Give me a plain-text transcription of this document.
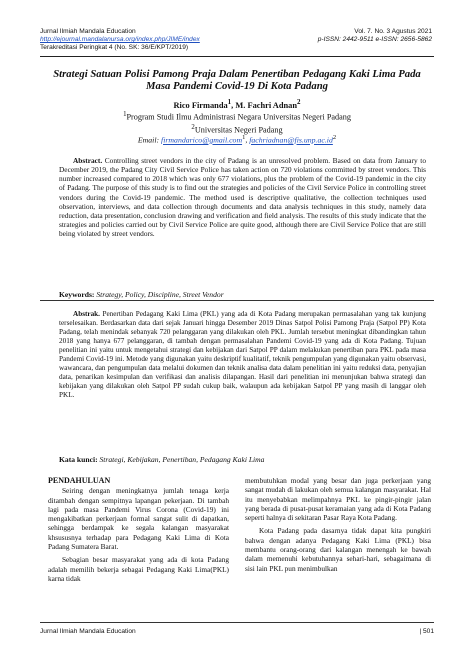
Jurnal Ilmiah Mandala Education
http://ejournal.mandalanursa.org/index.php/JIME/index
Terakreditasi Peringkat 4 (No. SK: 36/E/KPT/2019)
Vol. 7. No. 3 Agustus 2021
p-ISSN: 2442-9511 e-ISSN: 2656-5862
Strategi Satuan Polisi Pamong Praja Dalam Penertiban Pedagang Kaki Lima Pada Masa Pandemi Covid-19 Di Kota Padang
Rico Firmanda$^1$, M. Fachri Adnan$^2$
$^1$Program Studi Ilmu Administrasi Negara Universitas Negeri Padang
$^2$Universitas Negeri Padang
Email: firmandarico@gmail.com$^1$, $fachriadnan@fis.unp.ac.id^2$
Abstract. Controlling street vendors in the city of Padang is an unresolved problem. Based on data from January to December 2019, the Padang City Civil Service Police has taken action on 720 violations committed by street vendors. This number increased compared to 2018 which was only 677 violations, plus the problem of the Covid-19 pandemic in the city of Padang. The purpose of this study is to find out the strategies and policies of the Civil Service Police in controlling street vendors during the Covid-19 pandemic. The method used is descriptive qualitative, the collection techniques used observation, interviews, and data collection through documents and data analysis techniques in this study, namely data reduction, data presentation, conclusion drawing and verification and field analysis. The results of this study indicate that the strategies and policies carried out by Civil Service Police are quite good, although there are Civil Service Police that are still being violated by street vendors.
Keywords: Strategy, Policy, Discipline, Street Vendor
Abstrak. Penertiban Pedagang Kaki Lima (PKL) yang ada di Kota Padang merupakan permasalahan yang tak kunjung terselesaikan. Berdasarkan data dari sejak Januari hingga Desember 2019 Dinas Satpol Polisi Pamong Praja (Satpol PP) Kota Padang, telah menindak sebanyak 720 pelanggaran yang dilakukan oleh PKL. Jumlah tersebut meningkat dibandingkan tahun 2018 yang hanya 677 pelanggaran, di tambah dengan permasalahan Pandemi Covid-19 yang ada di Kota Padang. Tujuan penelitian ini yaitu untuk mengetahui strategi dan kebijakan dari Satpol PP dalam melakukan penertiban para PKL pada masa Pandemi Covid-19 ini. Metode yang digunakan yaitu deskriptif kualitatif, teknik pengumpulan yang digunakan yaitu observasi, wawancara, dan pengumpulan data melalui dokumen dan teknik analisa data dalam penelitian ini yaitu reduksi data, penyajian data, penarikan kesimpulan dan verifikasi dan analisis dilapangan. Hasil dari penelitian ini menunjukan bahwa strategi dan kebijakan yang dilakukan oleh Satpol PP sudah cukup baik, walaupun ada kebijakan Satpol PP yang masih di langgar oleh PKL.
Kata kunci: Strategi, Kebijakan, Penertiban, Pedagang Kaki Lima
PENDAHULUAN

Seiring dengan meningkatnya jumlah tenaga kerja ditambah dengan sempitnya lapangan pekerjaan. Di tambah lagi pada masa Pandemi Virus Corona (Covid-19) ini mengakibatkan perkerjaan formal sangat sulit di dapatkan, sehingga berdampak ke segala kalangan masyarakat khsususnya terhadap para Pedagang Kaki Lima di Kota Padang Sumatera Barat.

Sebagian besar masyarakat yang ada di kota Padang adalah memilih bekerja sebagai Pedagang Kaki Lima(PKL) karna tidak

membutuhkan modal yang besar dan juga perkerjaan yang sangat mudah di lakukan oleh semua kalangan masyarakat. Hal itu menyebabkan melimpahnya PKL ke pingir-pingir jalan yang berada di pusat-pusat keramaian yang ada di Kota Padang seperti halnya di sekitaran Pasar Raya Kota Padang.

Kota Padang pada dasarnya tidak dapat kita pungkiri bahwa dengan adanya Pedagang Kaki Lima (PKL) bisa membantu orang-orang dari kalangan menengah ke bawah dalam memenuhi kebutuhannya sehari-hari, sebagaimana di sisi lain PKL pun menimbulkan

Jurnal Ilmiah Mandala Education	| 501
